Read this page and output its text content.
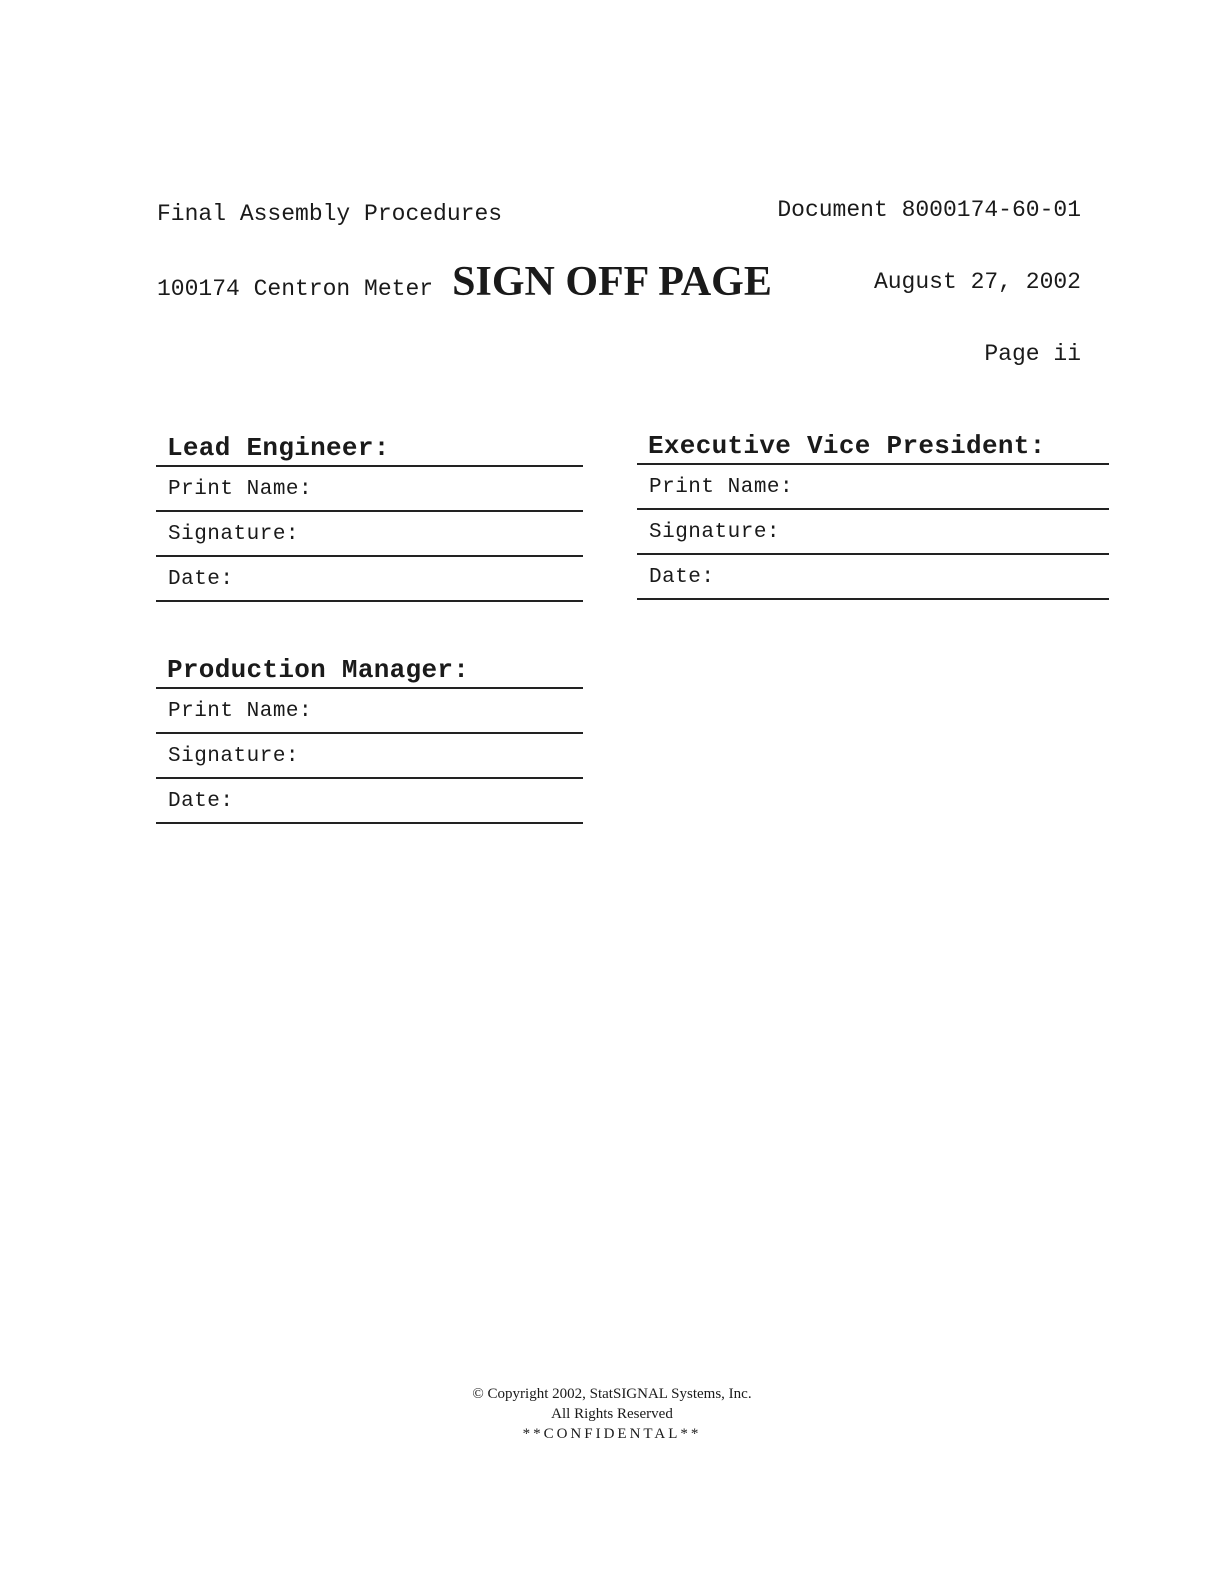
Final Assembly Procedures

100174 Centron Meter

Document 8000174-60-01

August 27, 2002

Page ii

SIGN OFF PAGE
Lead Engineer:
Print Name:
Signature:
Date:
Executive Vice President:
Print Name:
Signature:
Date:
Production Manager:
Print Name:
Signature:
Date:
© Copyright 2002, StatSIGNAL Systems, Inc.
All Rights Reserved
**CONFIDENTAL**
